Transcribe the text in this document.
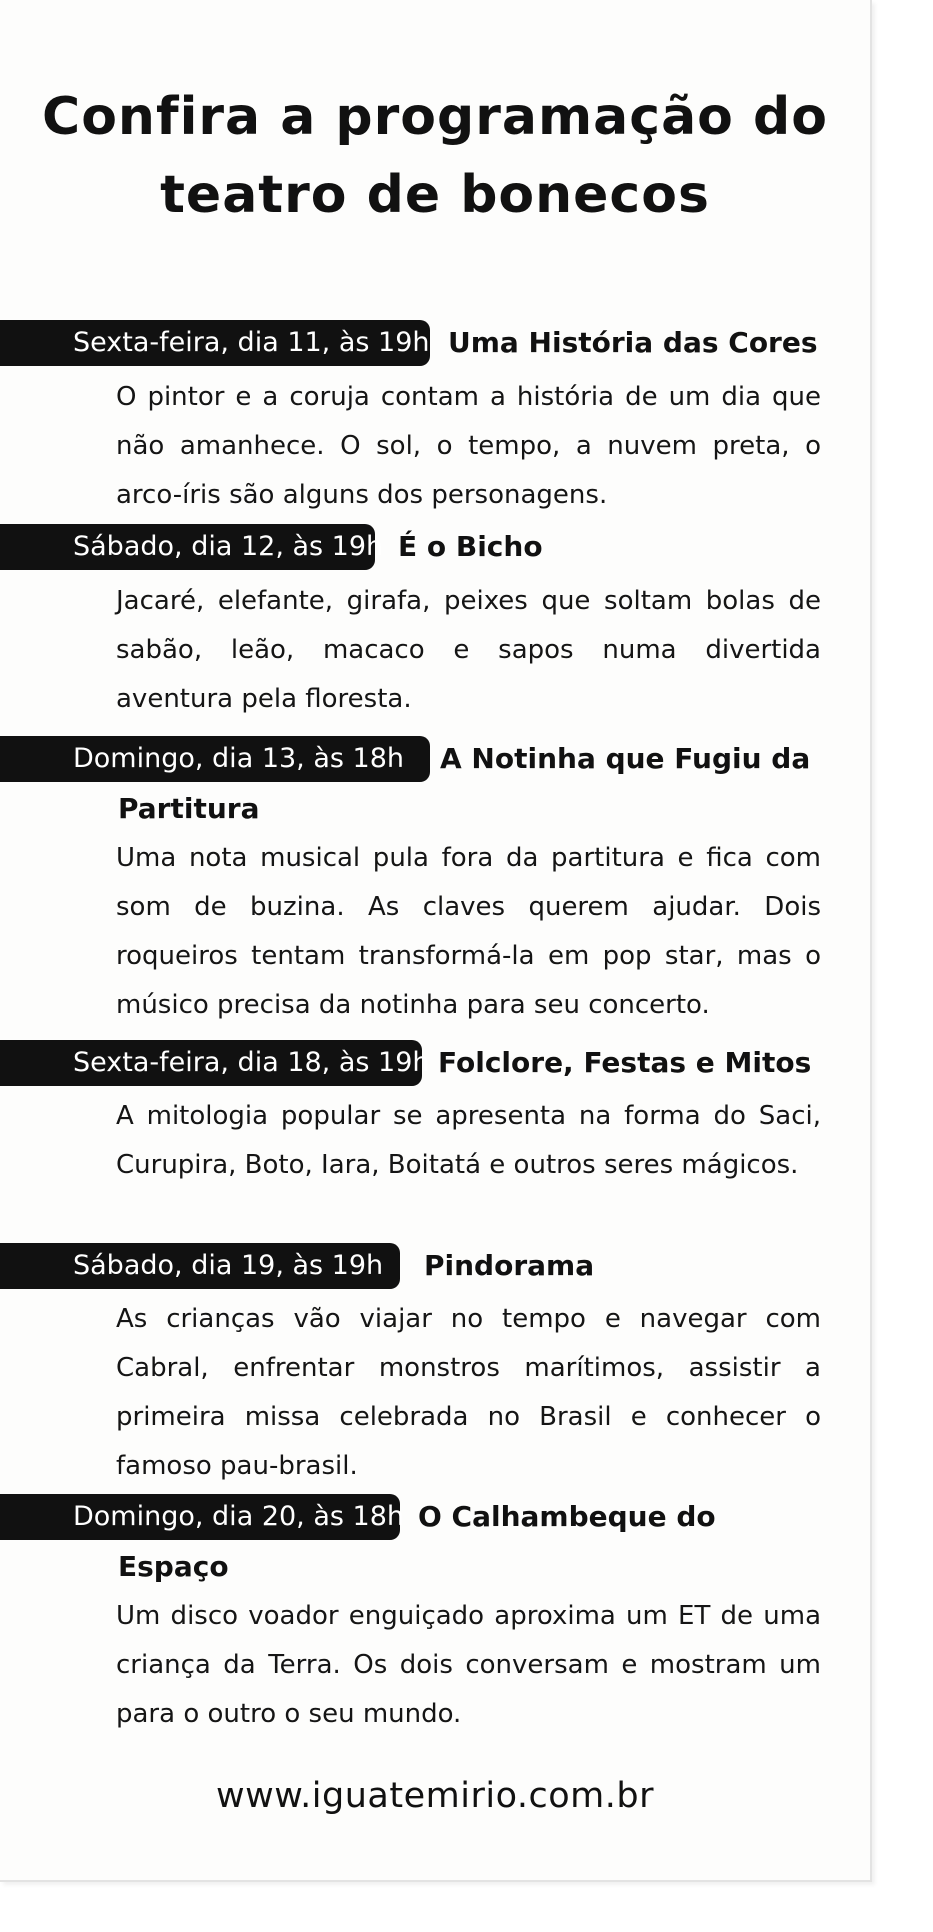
Confira a programação do
teatro de bonecos
Sexta-feira, dia 11, às 19h Uma História das Cores
O pintor e a coruja contam a história de um dia que não amanhece. O sol, o tempo, a nuvem preta, o arco-íris são alguns dos personagens.
Sábado, dia 12, às 19h É o Bicho
Jacaré, elefante, girafa, peixes que soltam bolas de sabão, leão, macaco e sapos numa divertida aventura pela floresta.
Domingo, dia 13, às 18h A Notinha que Fugiu da
Partitura
Uma nota musical pula fora da partitura e fica com som de buzina. As claves querem ajudar. Dois roqueiros tentam transformá-la em pop star, mas o músico precisa da notinha para seu concerto.
Sexta-feira, dia 18, às 19h Folclore, Festas e Mitos
A mitologia popular se apresenta na forma do Saci, Curupira, Boto, Iara, Boitatá e outros seres mágicos.
Sábado, dia 19, às 19h Pindorama
As crianças vão viajar no tempo e navegar com Cabral, enfrentar monstros marítimos, assistir a primeira missa celebrada no Brasil e conhecer o famoso pau-brasil.
Domingo, dia 20, às 18h O Calhambeque do
Espaço
Um disco voador enguiçado aproxima um ET de uma criança da Terra. Os dois conversam e mostram um para o outro o seu mundo.
www.iguatemirio.com.br
